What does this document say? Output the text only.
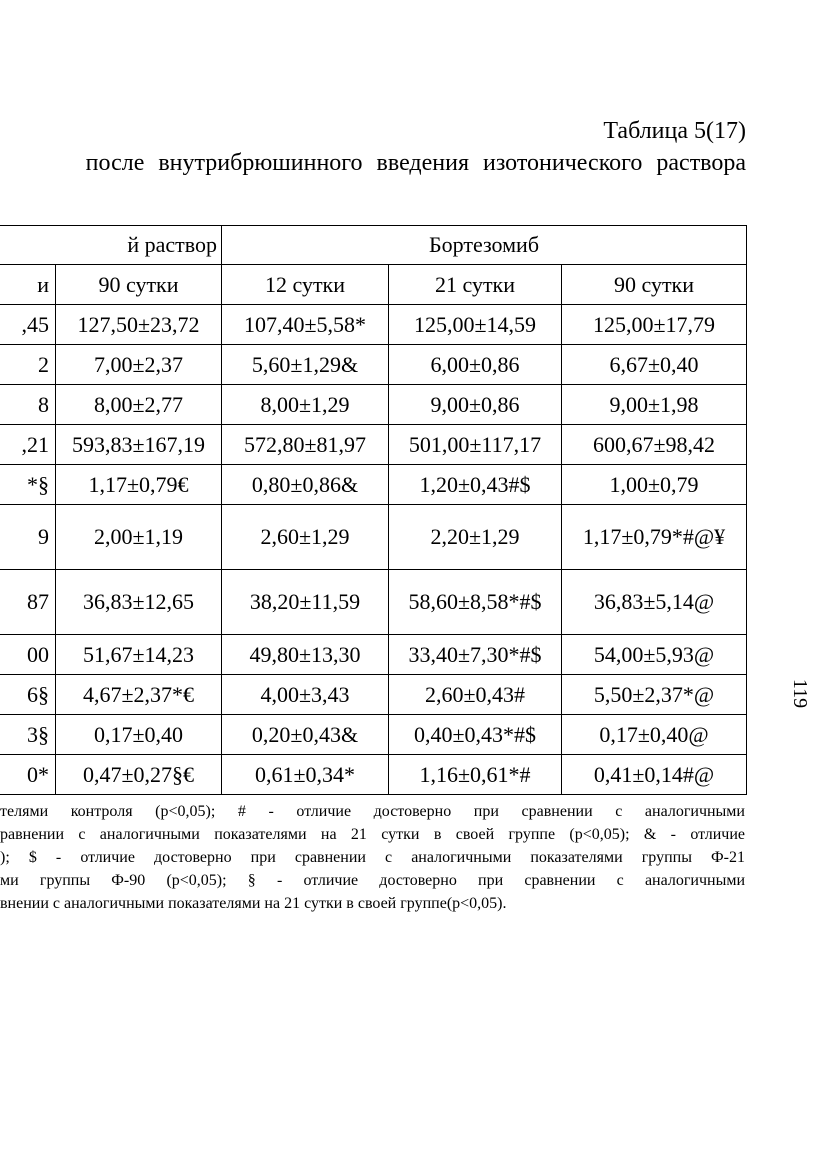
Таблица 5(17)
после внутрибрюшинного введения изотонического раствора
й раствор		Бортезомиб		
и	90 сутки	12 сутки	21 сутки	90 сутки
,45	127,50±23,72	107,40±5,58*	125,00±14,59	125,00±17,79
2	7,00±2,37	5,60±1,29&	6,00±0,86	6,67±0,40
8	8,00±2,77	8,00±1,29	9,00±0,86	9,00±1,98
,21	593,83±167,19	572,80±81,97	501,00±117,17	600,67±98,42
*§	1,17±0,79€	0,80±0,86&	1,20±0,43#$	1,00±0,79
9	2,00±1,19	2,60±1,29	2,20±1,29	1,17±0,79*#@¥
87	36,83±12,65	38,20±11,59	58,60±8,58*#$	36,83±5,14@
00	51,67±14,23	49,80±13,30	33,40±7,30*#$	54,00±5,93@
6§	4,67±2,37*€	4,00±3,43	2,60±0,43#	5,50±2,37*@
3§	0,17±0,40	0,20±0,43&	0,40±0,43*#$	0,17±0,40@
0*	0,47±0,27§€	0,61±0,34*	1,16±0,61*#	0,41±0,14#@
телями контроля (р<0,05); # - отличие достоверно при сравнении с аналогичными
равнении с аналогичными показателями на 21 сутки в своей группе (р<0,05); & - отличие
); $ - отличие достоверно при сравнении с аналогичными показателями группы Ф-21
ми группы Ф-90 (р<0,05); § - отличие достоверно при сравнении с аналогичными
внении с аналогичными показателями на 21 сутки в своей группе(р<0,05).
119
